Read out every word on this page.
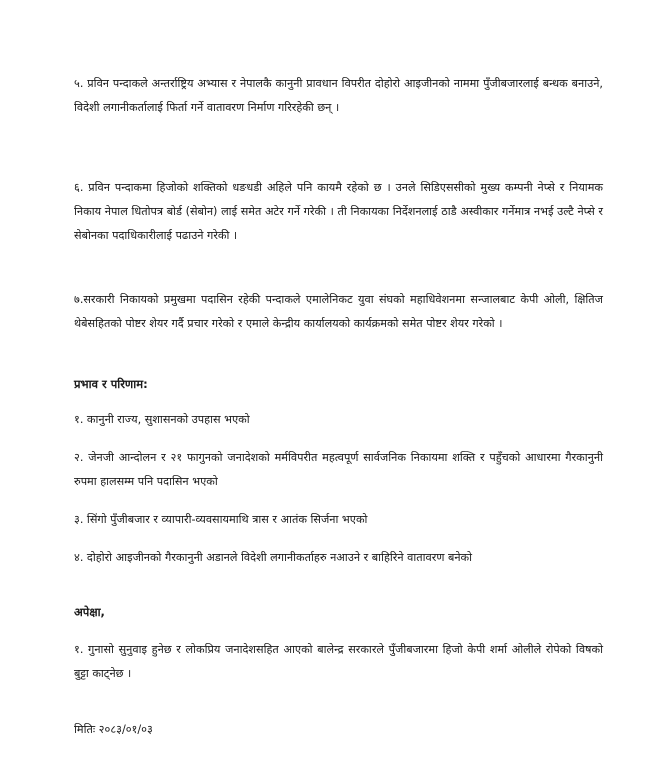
५. प्रविन पन्दाकले अन्तर्राष्ट्रिय अभ्यास र नेपालकै कानुनी प्रावधान विपरीत दोहोरो आइजीनको नाममा पुँजीबजारलाई बन्धक बनाउने, विदेशी लगानीकर्तालाई फिर्ता गर्ने वातावरण निर्माण गरिरहेकी छन् ।

६. प्रविन पन्दाकमा हिजोको शक्तिको धङधडी अहिले पनि कायमै रहेको छ । उनले सिडिएससीको मुख्य कम्पनी नेप्से र नियामक निकाय नेपाल धितोपत्र बोर्ड (सेबोन) लाई समेत अटेर गर्ने गरेकी । ती निकायका निर्देशनलाई ठाडै अस्वीकार गर्नेमात्र नभई उल्टै नेप्से र सेबोनका पदाधिकारीलाई पढाउने गरेकी ।

७.सरकारी निकायको प्रमुखमा पदासिन रहेकी पन्दाकले एमालेनिकट युवा संघको महाधिवेशनमा सन्जालबाट केपी ओली, क्षितिज थेबेसहितको पोष्टर शेयर गर्दै प्रचार गरेको र एमाले केन्द्रीय कार्यालयको कार्यक्रमको समेत पोष्टर शेयर गरेको ।

प्रभाव र परिणाम:

१. कानुनी राज्य, सुशासनको उपहास भएको

२. जेनजी आन्दोलन र २१ फागुनको जनादेशको मर्मविपरीत महत्वपूर्ण सार्वजनिक निकायमा शक्ति र पहुँचको आधारमा गैरकानुनी रुपमा हालसम्म पनि पदासिन भएको

३. सिंगो पुँजीबजार र व्यापारी-व्यवसायमाथि त्रास र आतंक सिर्जना भएको

४. दोहोरो आइजीनको गैरकानुनी अडानले विदेशी लगानीकर्ताहरु नआउने र बाहिरिने वातावरण बनेको

अपेक्षा,

१. गुनासो सुनुवाइ हुनेछ र लोकप्रिय जनादेशसहित आएको बालेन्द्र सरकारले पुँजीबजारमा हिजो केपी शर्मा ओलीले रोपेको विषको बुट्टा काट्नेछ ।

मितिः २०८३/०१/०३
